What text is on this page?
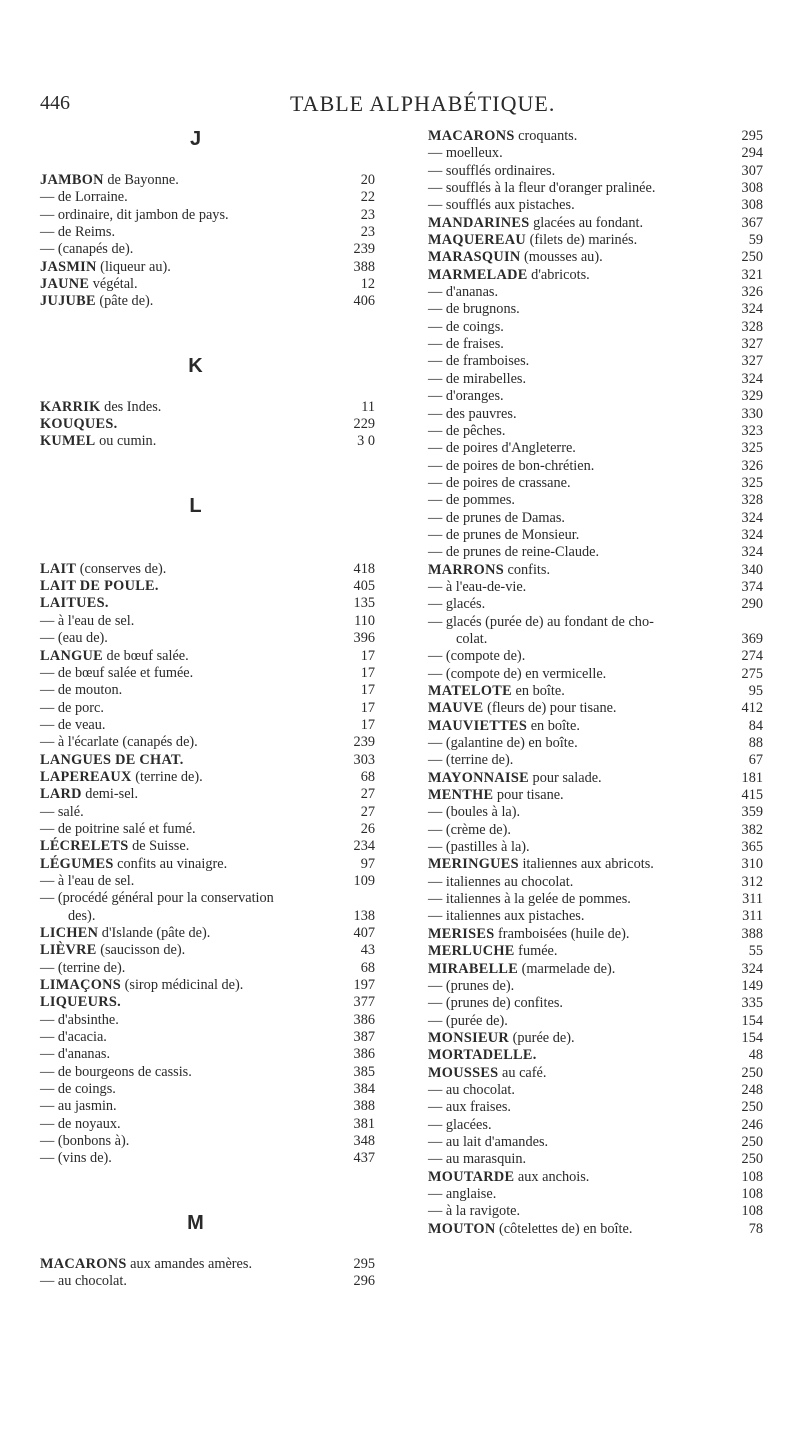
446	TABLE ALPHABÉTIQUE.
J
JAMBON de Bayonne.	20
— de Lorraine.	22
— ordinaire, dit jambon de pays.	23
— de Reims.	23
— (canapés de).	239
JASMIN (liqueur au).	388
JAUNE végétal.	12
JUJUBE (pâte de).	406
K
KARRIK des Indes.	11
KOUQUES.	229
KUMEL ou cumin.	3 0
L
LAIT (conserves de).	418
LAIT DE POULE.	405
LAITUES.	135
— à l'eau de sel.	110
— (eau de).	396
LANGUE de bœuf salée.	17
— de bœuf salée et fumée.	17
— de mouton.	17
— de porc.	17
— de veau.	17
— à l'écarlate (canapés de).	239
LANGUES DE CHAT.	303
LAPEREAUX (terrine de).	68
LARD demi-sel.	27
— salé.	27
— de poitrine salé et fumé.	26
LÉCRELETS de Suisse.	234
LÉGUMES confits au vinaigre.	97
— à l'eau de sel.	109
— (procédé général pour la conservation
des).	138
LICHEN d'Islande (pâte de).	407
LIÈVRE (saucisson de).	43
— (terrine de).	68
LIMAÇONS (sirop médicinal de).	197
LIQUEURS.	377
— d'absinthe.	386
— d'acacia.	387
— d'ananas.	386
— de bourgeons de cassis.	385
— de coings.	384
— au jasmin.	388
— de noyaux.	381
— (bonbons à).	348
— (vins de).	437
M
MACARONS aux amandes amères.	295
— au chocolat.	296
MACARONS croquants.	295
— moelleux.	294
— soufflés ordinaires.	307
— soufflés à la fleur d'oranger pralinée.	308
— soufflés aux pistaches.	308
MANDARINES glacées au fondant.	367
MAQUEREAU (filets de) marinés.	59
MARASQUIN (mousses au).	250
MARMELADE d'abricots.	321
— d'ananas.	326
— de brugnons.	324
— de coings.	328
— de fraises.	327
— de framboises.	327
— de mirabelles.	324
— d'oranges.	329
— des pauvres.	330
— de pêches.	323
— de poires d'Angleterre.	325
— de poires de bon-chrétien.	326
— de poires de crassane.	325
— de pommes.	328
— de prunes de Damas.	324
— de prunes de Monsieur.	324
— de prunes de reine-Claude.	324
MARRONS confits.	340
— à l'eau-de-vie.	374
— glacés.	290
— glacés (purée de) au fondant de cho-
colat.	369
— (compote de).	274
— (compote de) en vermicelle.	275
MATELOTE en boîte.	95
MAUVE (fleurs de) pour tisane.	412
MAUVIETTES en boîte.	84
— (galantine de) en boîte.	88
— (terrine de).	67
MAYONNAISE pour salade.	181
MENTHE pour tisane.	415
— (boules à la).	359
— (crème de).	382
— (pastilles à la).	365
MERINGUES italiennes aux abricots.	310
— italiennes au chocolat.	312
— italiennes à la gelée de pommes.	311
— italiennes aux pistaches.	311
MERISES framboisées (huile de).	388
MERLUCHE fumée.	55
MIRABELLE (marmelade de).	324
— (prunes de).	149
— (prunes de) confites.	335
— (purée de).	154
MONSIEUR (purée de).	154
MORTADELLE.	48
MOUSSES au café.	250
— au chocolat.	248
— aux fraises.	250
— glacées.	246
— au lait d'amandes.	250
— au marasquin.	250
MOUTARDE aux anchois.	108
— anglaise.	108
— à la ravigote.	108
MOUTON (côtelettes de) en boîte.	78
